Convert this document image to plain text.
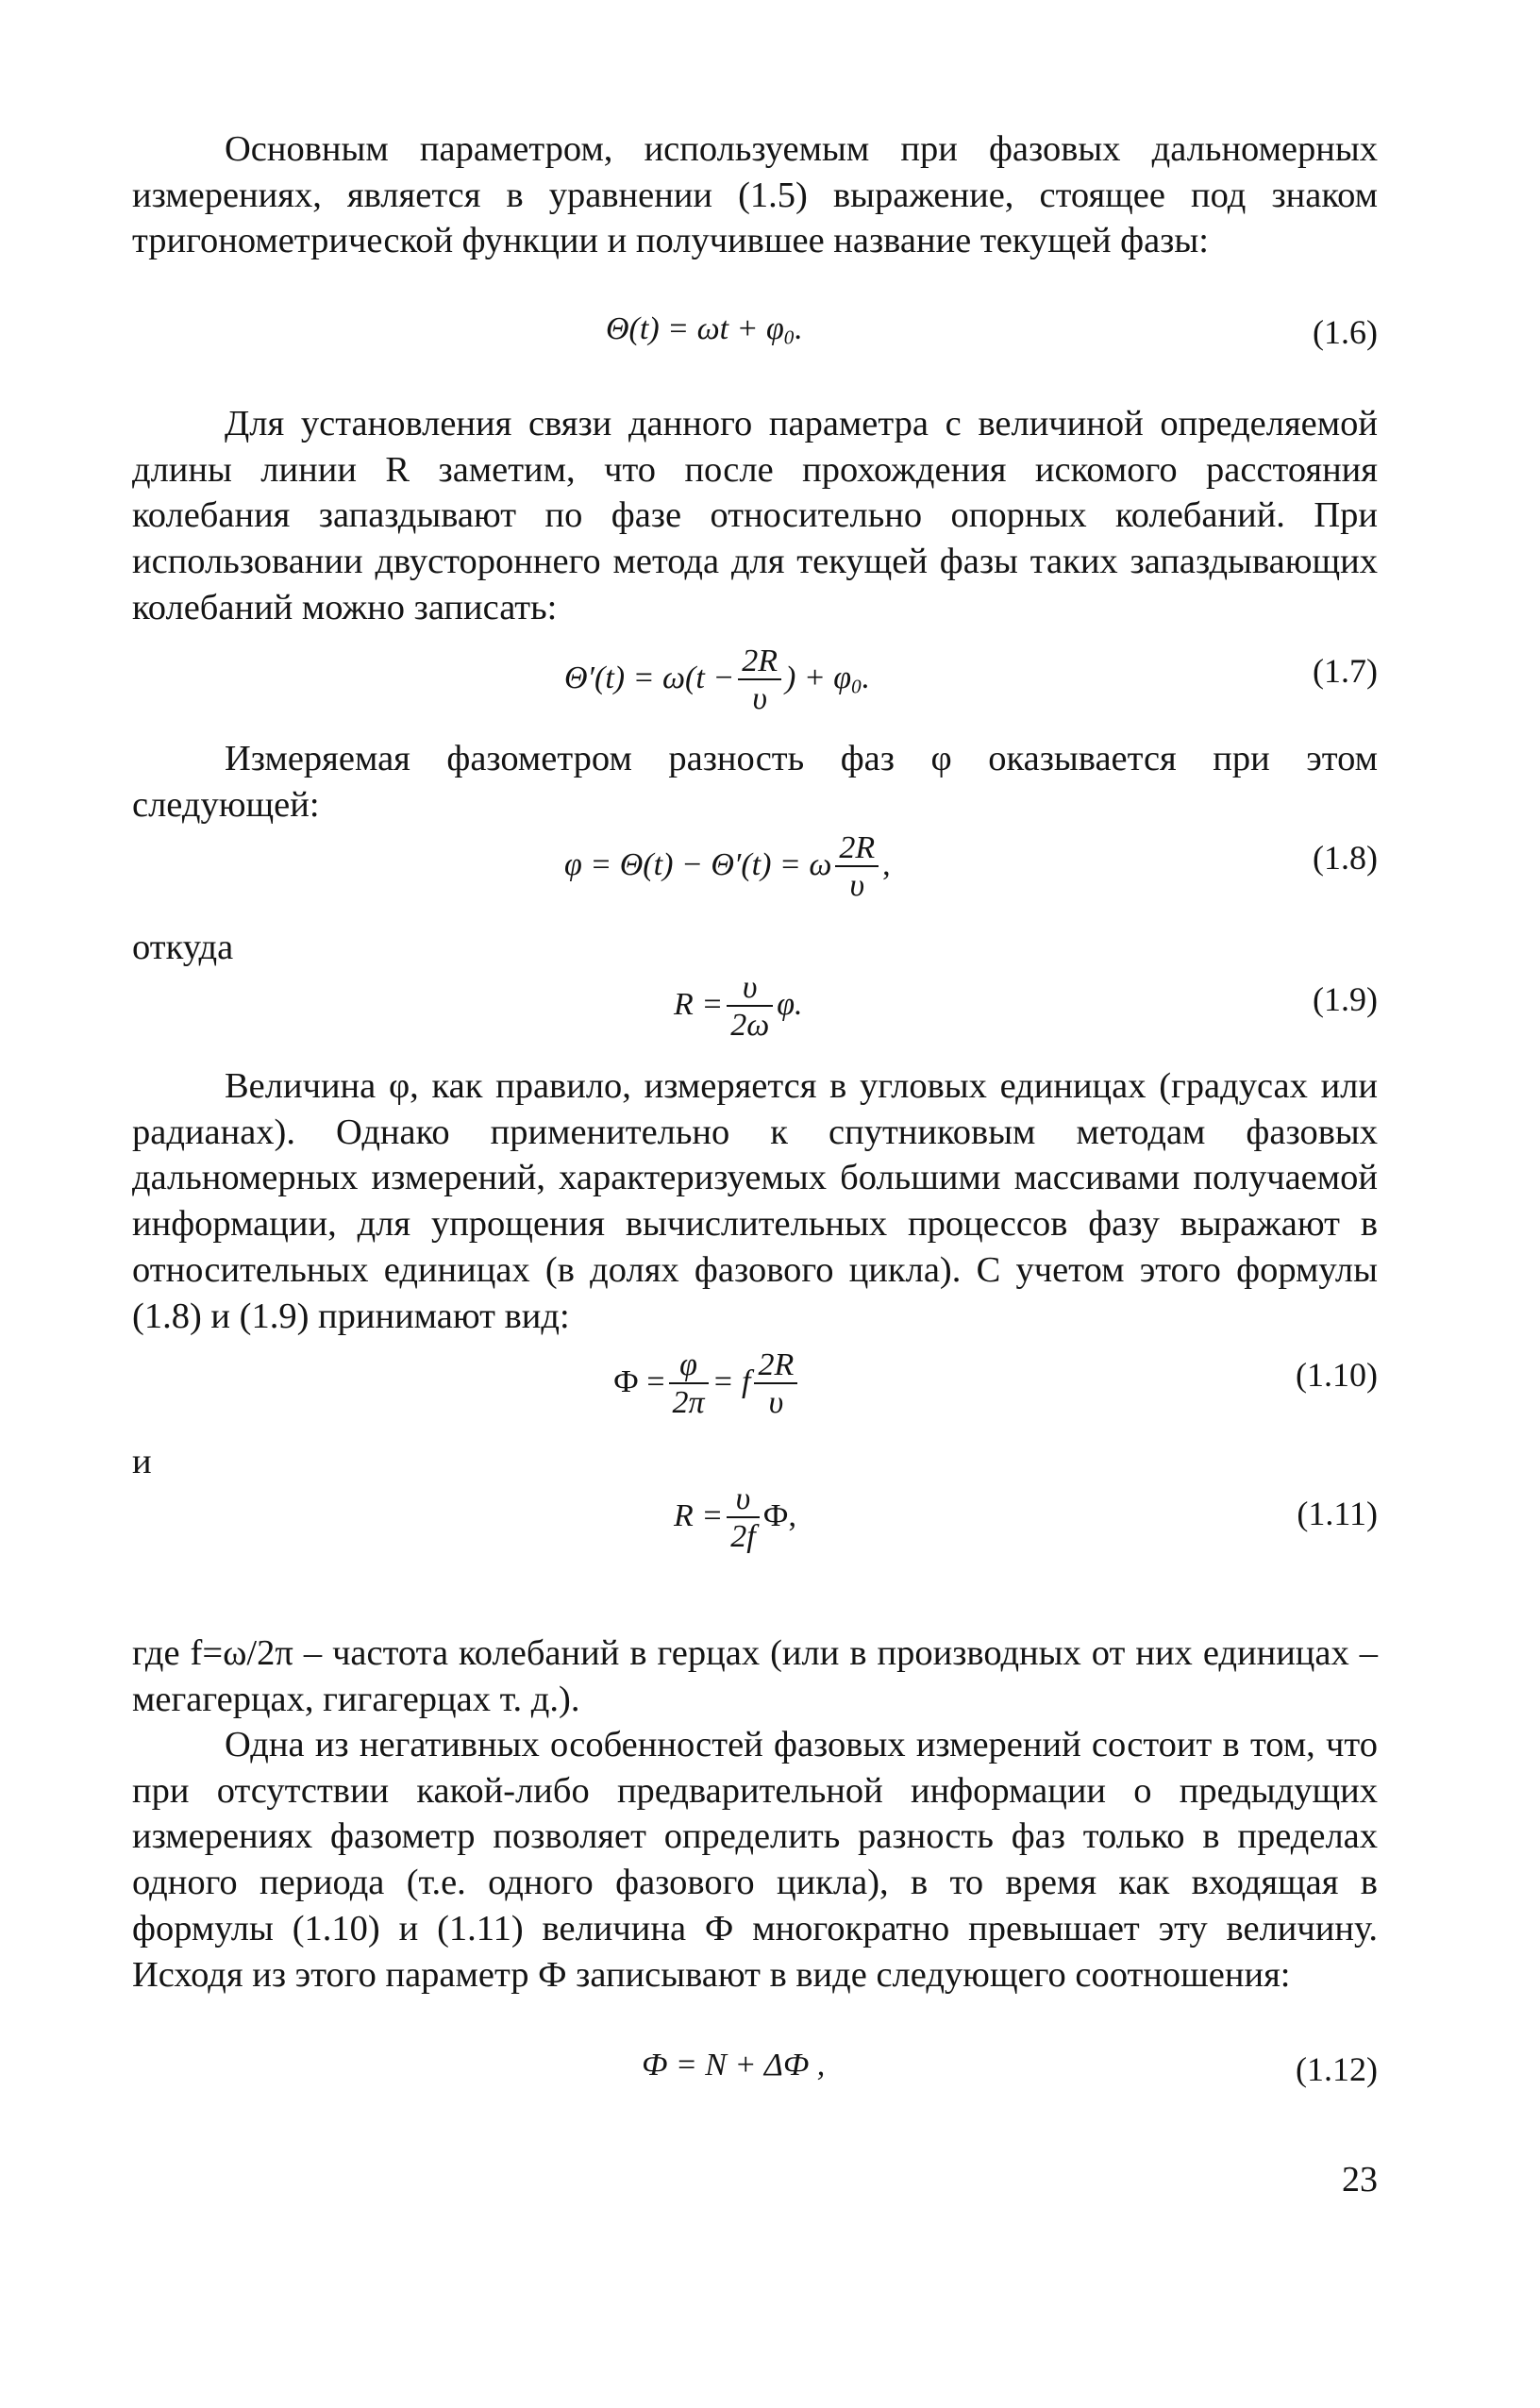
Основным параметром, используемым при фазовых дальномерных измерениях, является в уравнении (1.5) выражение, стоящее под знаком тригонометрической функции и получившее название текущей фазы:

$\Theta(t) = \omega t + \varphi_0$.	(1.6)

Для установления связи данного параметра с величиной определяемой длины линии R заметим, что после прохождения искомого расстояния колебания запаздывают по фазе относительно опорных колебаний. При использовании двустороннего метода для текущей фазы таких запаздывающих колебаний можно записать:

$\Theta'(t) = \omega(t - \frac{2R}{\upsilon}$ ) + $\varphi_0$.	(1.7)

Измеряемая фазометром разность фаз φ оказывается при этом следующей:

φ = Θ(t) − Θ′(t) = ω $\frac{2R}{\upsilon}$ ,	(1.8)

откуда

$R = \frac{\upsilon}{2\omega} \varphi$.	(1.9)

Величина φ, как правило, измеряется в угловых единицах (градусах или радианах). Однако применительно к спутниковым методам фазовых дальномерных измерений, характеризуемых большими массивами получаемой информации, для упрощения вычислительных процессов фазу выражают в относительных единицах (в долях фазового цикла). С учетом этого формулы (1.8) и (1.9) принимают вид:

$Ф = \frac{\varphi}{2\pi} = f \frac{2R}{\upsilon}$	(1.10)

и

$R = \frac{\upsilon}{2f} Ф$,	(1.11)

где f=ω/2π – частота колебаний в герцах (или в производных от них единицах – мегагерцах, гигагерцах т. д.).

Одна из негативных особенностей фазовых измерений состоит в том, что при отсутствии какой-либо предварительной информации о предыдущих измерениях фазометр позволяет определить разность фаз только в пределах одного периода (т.е. одного фазового цикла), в то время как входящая в формулы (1.10) и (1.11) величина Ф многократно превышает эту величину. Исходя из этого параметр Ф записывают в виде следующего соотношения:

Ф = N + ΔФ ,	(1.12)
23
